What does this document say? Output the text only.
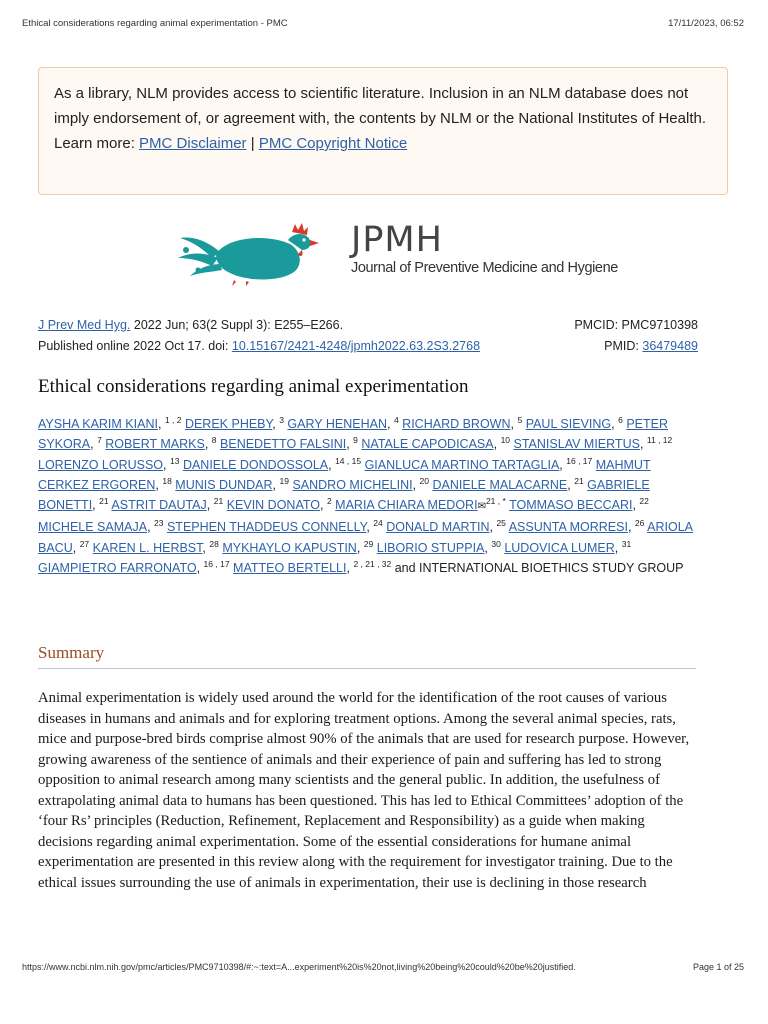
Ethical considerations regarding animal experimentation - PMC	17/11/2023, 06:52
As a library, NLM provides access to scientific literature. Inclusion in an NLM database does not imply endorsement of, or agreement with, the contents by NLM or the National Institutes of Health.
Learn more: PMC Disclaimer | PMC Copyright Notice
JPMH
Journal of Preventive Medicine and Hygiene
J Prev Med Hyg. 2022 Jun; 63(2 Suppl 3): E255–E266.	PMCID: PMC9710398
Published online 2022 Oct 17. doi: 10.15167/2421-4248/jpmh2022.63.2S3.2768	PMID: 36479489
Ethical considerations regarding animal experimentation
AYSHA KARIM KIANI, $^{1 , 2}$ DEREK PHEBY, $^3$ GARY HENEHAN, $^4$ RICHARD BROWN, $^5$ PAUL SIEVING, $^6$ PETER SYKORA, $^7$ ROBERT MARKS, $^8$ BENEDETTO FALSINI, $^9$ NATALE CAPODICASA, $^{10}$ STANISLAV MIERTUS, $^{11 , 12}$ LORENZO LORUSSO, $^{13}$ DANIELE DONDOSSOLA, $^{14 , 15}$ GIANLUCA MARTINO TARTAGLIA, $^{16 , 17}$ MAHMUT CERKEZ ERGOREN, $^{18}$ MUNIS DUNDAR, $^{19}$ SANDRO MICHELINI, $^{20}$ DANIELE MALACARNE, $^{21}$ GABRIELE BONETTI, $^{21}$ ASTRIT DAUTAJ, $^{21}$ KEVIN DONATO, $^2$ MARIA CHIARA MEDORI✉$^{21 , *}$ TOMMASO BECCARI, $^{22}$ MICHELE SAMAJA, $^{23}$ STEPHEN THADDEUS CONNELLY, $^{24}$ DONALD MARTIN, $^{25}$ ASSUNTA MORRESI, $^{26}$ ARIOLA BACU, $^{27}$ KAREN L. HERBST, $^{28}$ MYKHAYLO KAPUSTIN, $^{29}$ LIBORIO STUPPIA, $^{30}$ LUDOVICA LUMER, $^{31}$ GIAMPIETRO FARRONATO, $^{16 , 17}$ MATTEO BERTELLI, $^{2 , 21 , 32}$ and INTERNATIONAL BIOETHICS STUDY GROUP
Summary
Animal experimentation is widely used around the world for the identification of the root causes of various diseases in humans and animals and for exploring treatment options. Among the several animal species, rats, mice and purpose-bred birds comprise almost 90% of the animals that are used for research purpose. However, growing awareness of the sentience of animals and their experience of pain and suffering has led to strong opposition to animal research among many scientists and the general public. In addition, the usefulness of extrapolating animal data to humans has been questioned. This has led to Ethical Committees’ adoption of the ‘four Rs’ principles (Reduction, Refinement, Replacement and Responsibility) as a guide when making decisions regarding animal experimentation. Some of the essential considerations for humane animal experimentation are presented in this review along with the requirement for investigator training. Due to the ethical issues surrounding the use of animals in experimentation, their use is declining in those research
https://www.ncbi.nlm.nih.gov/pmc/articles/PMC9710398/#:~:text=A...experiment%20is%20not,living%20being%20could%20be%20justified.	Page 1 of 25
